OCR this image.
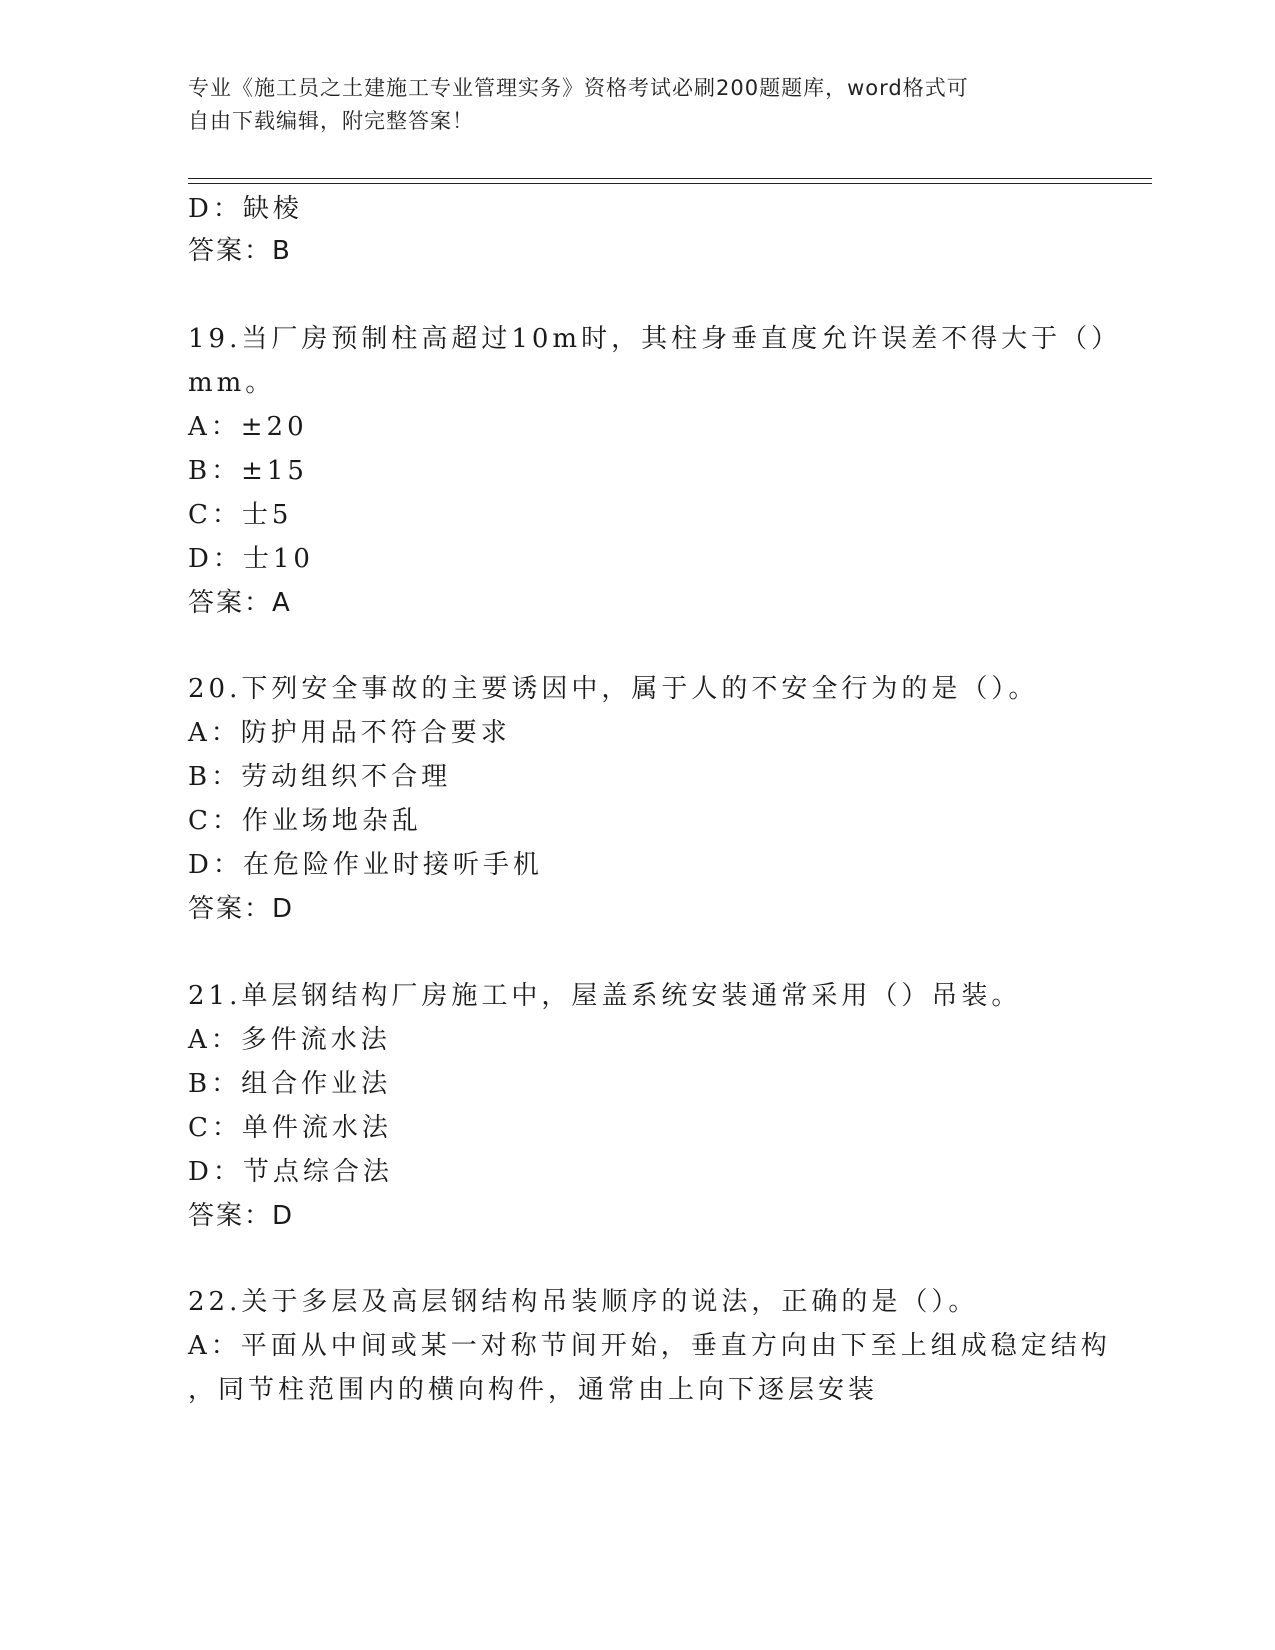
专业《施工员之土建施工专业管理实务》资格考试必刷200题题库，word格式可
自由下载编辑，附完整答案！
D：缺棱
答案：B
19.当厂房预制柱高超过10m时，其柱身垂直度允许误差不得大于（）
mm。
A：±20
B：±15
C：士5
D：士10
答案：A
20.下列安全事故的主要诱因中，属于人的不安全行为的是（）。
A：防护用品不符合要求
B：劳动组织不合理
C：作业场地杂乱
D：在危险作业时接听手机
答案：D
21.单层钢结构厂房施工中，屋盖系统安装通常采用（）吊装。
A：多件流水法
B：组合作业法
C：单件流水法
D：节点综合法
答案：D
22.关于多层及高层钢结构吊装顺序的说法，正确的是（）。
A：平面从中间或某一对称节间开始，垂直方向由下至上组成稳定结构
，同节柱范围内的横向构件，通常由上向下逐层安装
